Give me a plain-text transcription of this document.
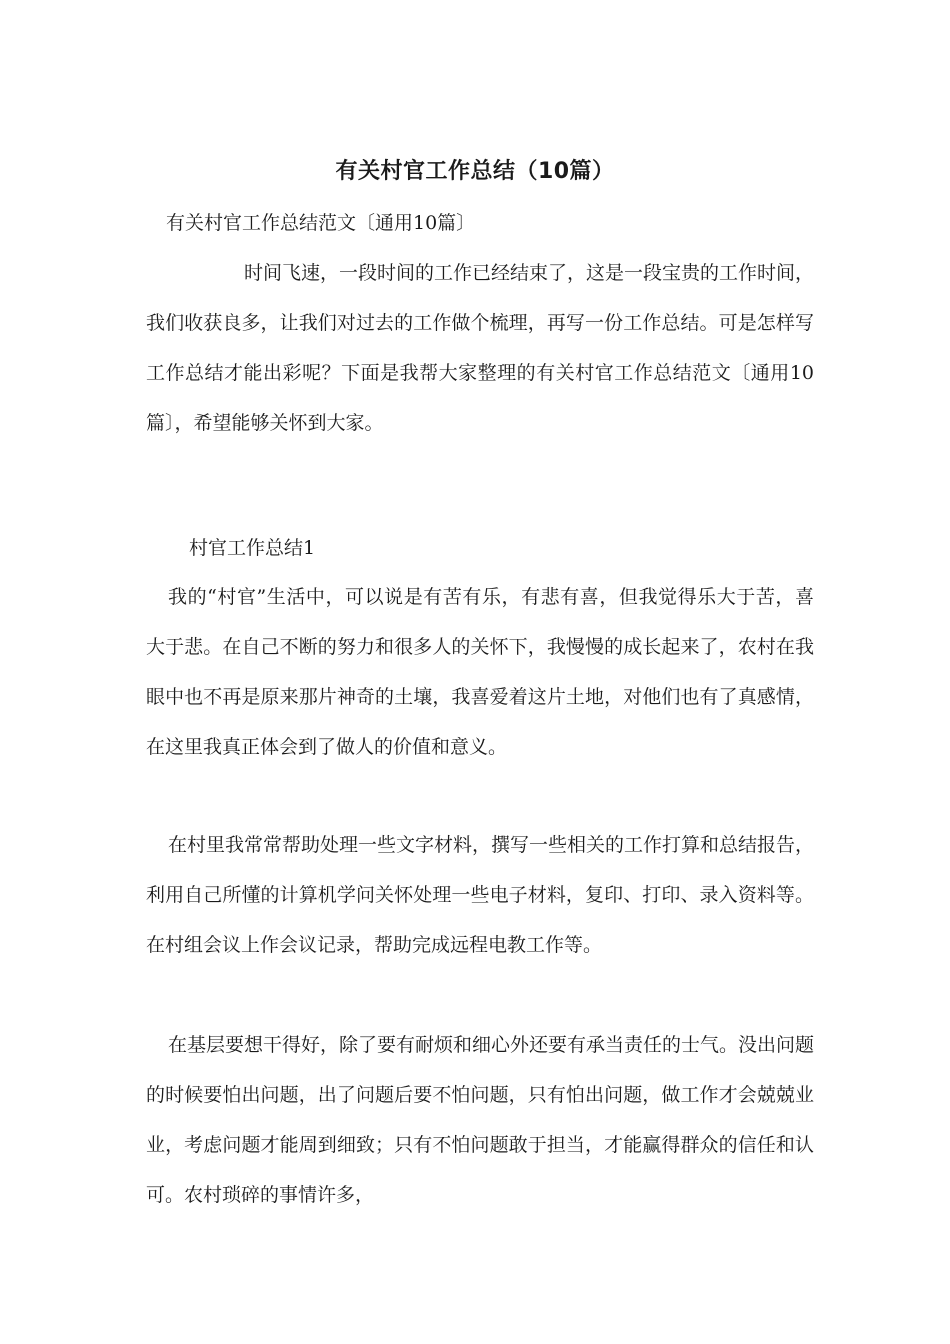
有关村官工作总结（10篇）
有关村官工作总结范文〔通用10篇〕

时间飞速，一段时间的工作已经结束了，这是一段宝贵的工作时间，我们收获良多，让我们对过去的工作做个梳理，再写一份工作总结。可是怎样写工作总结才能出彩呢？下面是我帮大家整理的有关村官工作总结范文〔通用10篇〕，希望能够关怀到大家。

村官工作总结1

我的“村官”生活中，可以说是有苦有乐，有悲有喜，但我觉得乐大于苦，喜大于悲。在自己不断的努力和很多人的关怀下，我慢慢的成长起来了，农村在我眼中也不再是原来那片神奇的土壤，我喜爱着这片土地，对他们也有了真感情，在这里我真正体会到了做人的价值和意义。

在村里我常常帮助处理一些文字材料，撰写一些相关的工作打算和总结报告，利用自己所懂的计算机学问关怀处理一些电子材料，复印、打印、录入资料等。在村组会议上作会议记录，帮助完成远程电教工作等。

在基层要想干得好，除了要有耐烦和细心外还要有承当责任的士气。没出问题的时候要怕出问题，出了问题后要不怕问题，只有怕出问题，做工作才会兢兢业业，考虑问题才能周到细致；只有不怕问题敢于担当，才能赢得群众的信任和认可。农村琐碎的事情许多，
